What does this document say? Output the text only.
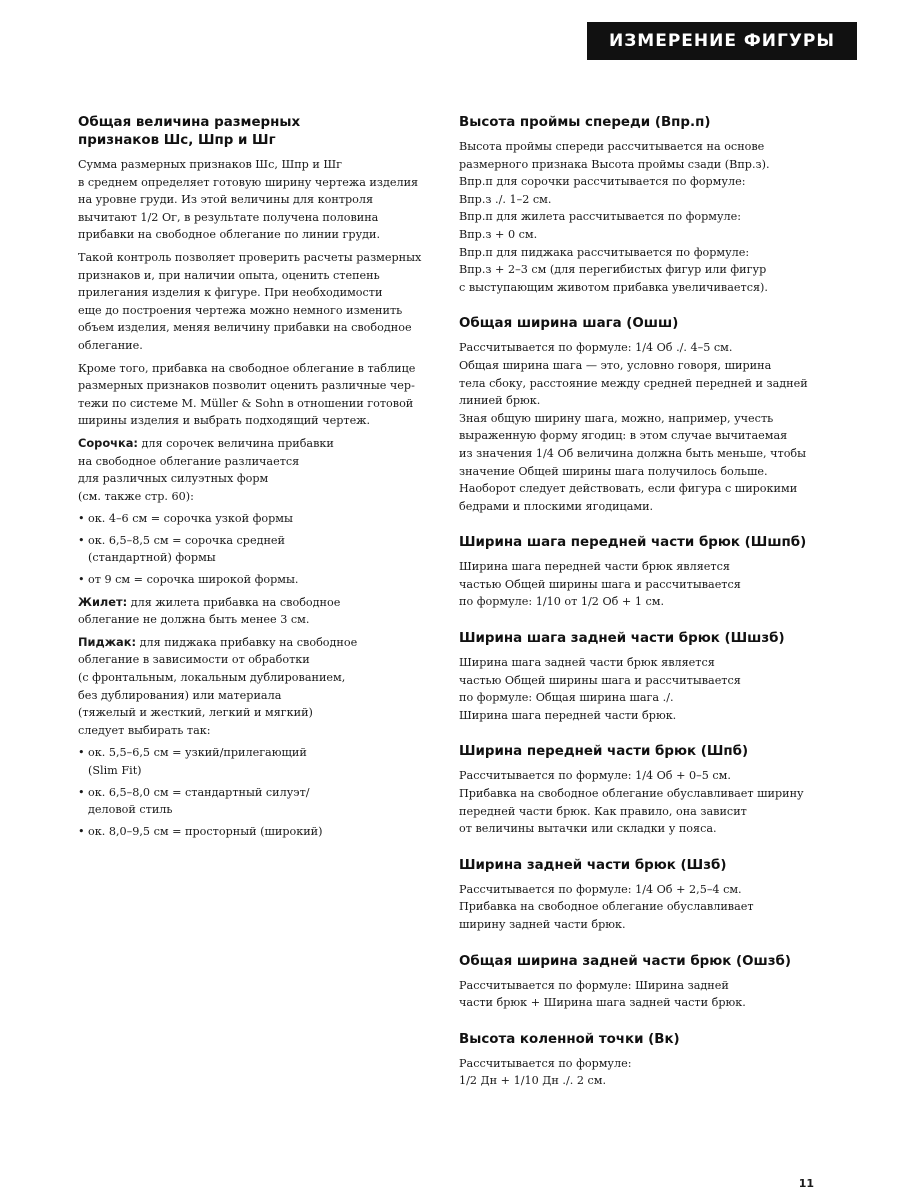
ИЗМЕРЕНИЕ ФИГУРЫ
Общая величина размерных признаков Шс, Шпр и Шг

Сумма размерных признаков Шс, Шпр и Шг
в среднем определяет готовую ширину чертежа изделия
на уровне груди. Из этой величины для контроля
вычитают 1/2 Ог, в результате получена половина
прибавки на свободное облегание по линии груди.

Такой контроль позволяет проверить расчеты размерных
признаков и, при наличии опыта, оценить степень
прилегания изделия к фигуре. При необходимости
еще до построения чертежа можно немного изменить
объем изделия, меняя величину прибавки на свободное
облегание.

Кроме того, прибавка на свободное облегание в таблице
размерных признаков позволит оценить различные чер-
тежи по системе M. Müller & Sohn в отношении готовой
ширины изделия и выбрать подходящий чертеж.

Сорочка: для сорочек величина прибавки
на свободное облегание различается
для различных силуэтных форм
(см. также стр. 60):

• ок. 4–6 см = сорочка узкой формы
• ок. 6,5–8,5 см = сорочка средней
(стандартной) формы
• от 9 см = сорочка широкой формы.

Жилет: для жилета прибавка на свободное
облегание не должна быть менее 3 см.

Пиджак: для пиджака прибавку на свободное
облегание в зависимости от обработки
(с фронтальным, локальным дублированием,
без дублирования) или материала
(тяжелый и жесткий, легкий и мягкий)
следует выбирать так:

• ок. 5,5–6,5 см = узкий/прилегающий
(Slim Fit)
• ок. 6,5–8,0 см = стандартный силуэт/
деловой стиль
• ок. 8,0–9,5 см = просторный (широкий)
Высота проймы спереди (Впр.п)

Высота проймы спереди рассчитывается на основе
размерного признака Высота проймы сзади (Впр.з).
Впр.п для сорочки рассчитывается по формуле:
Впр.з ./. 1–2 см.
Впр.п для жилета рассчитывается по формуле:
Впр.з + 0 см.
Впр.п для пиджака рассчитывается по формуле:
Впр.з + 2–3 см (для перегибистых фигур или фигур
с выступающим животом прибавка увеличивается).

Общая ширина шага (Ошш)

Рассчитывается по формуле: 1/4 Об ./. 4–5 см.
Общая ширина шага — это, условно говоря, ширина
тела сбоку, расстояние между средней передней и задней
линией брюк.
Зная общую ширину шага, можно, например, учесть
выраженную форму ягодиц: в этом случае вычитаемая
из значения 1/4 Об величина должна быть меньше, чтобы
значение Общей ширины шага получилось больше.
Наоборот следует действовать, если фигура с широкими
бедрами и плоскими ягодицами.

Ширина шага передней части брюк (Шшпб)

Ширина шага передней части брюк является
частью Общей ширины шага и рассчитывается
по формуле: 1/10 от 1/2 Об + 1 см.

Ширина шага задней части брюк (Шшзб)

Ширина шага задней части брюк является
частью Общей ширины шага и рассчитывается
по формуле: Общая ширина шага ./.
Ширина шага передней части брюк.

Ширина передней части брюк (Шпб)

Рассчитывается по формуле: 1/4 Об + 0–5 см.
Прибавка на свободное облегание обуславливает ширину
передней части брюк. Как правило, она зависит
от величины вытачки или складки у пояса.

Ширина задней части брюк (Шзб)

Рассчитывается по формуле: 1/4 Об + 2,5–4 см.
Прибавка на свободное облегание обуславливает
ширину задней части брюк.

Общая ширина задней части брюк (Ошзб)

Рассчитывается по формуле: Ширина задней
части брюк + Ширина шага задней части брюк.

Высота коленной точки (Вк)

Рассчитывается по формуле:
1/2 Дн + 1/10 Дн ./. 2 см.

11
